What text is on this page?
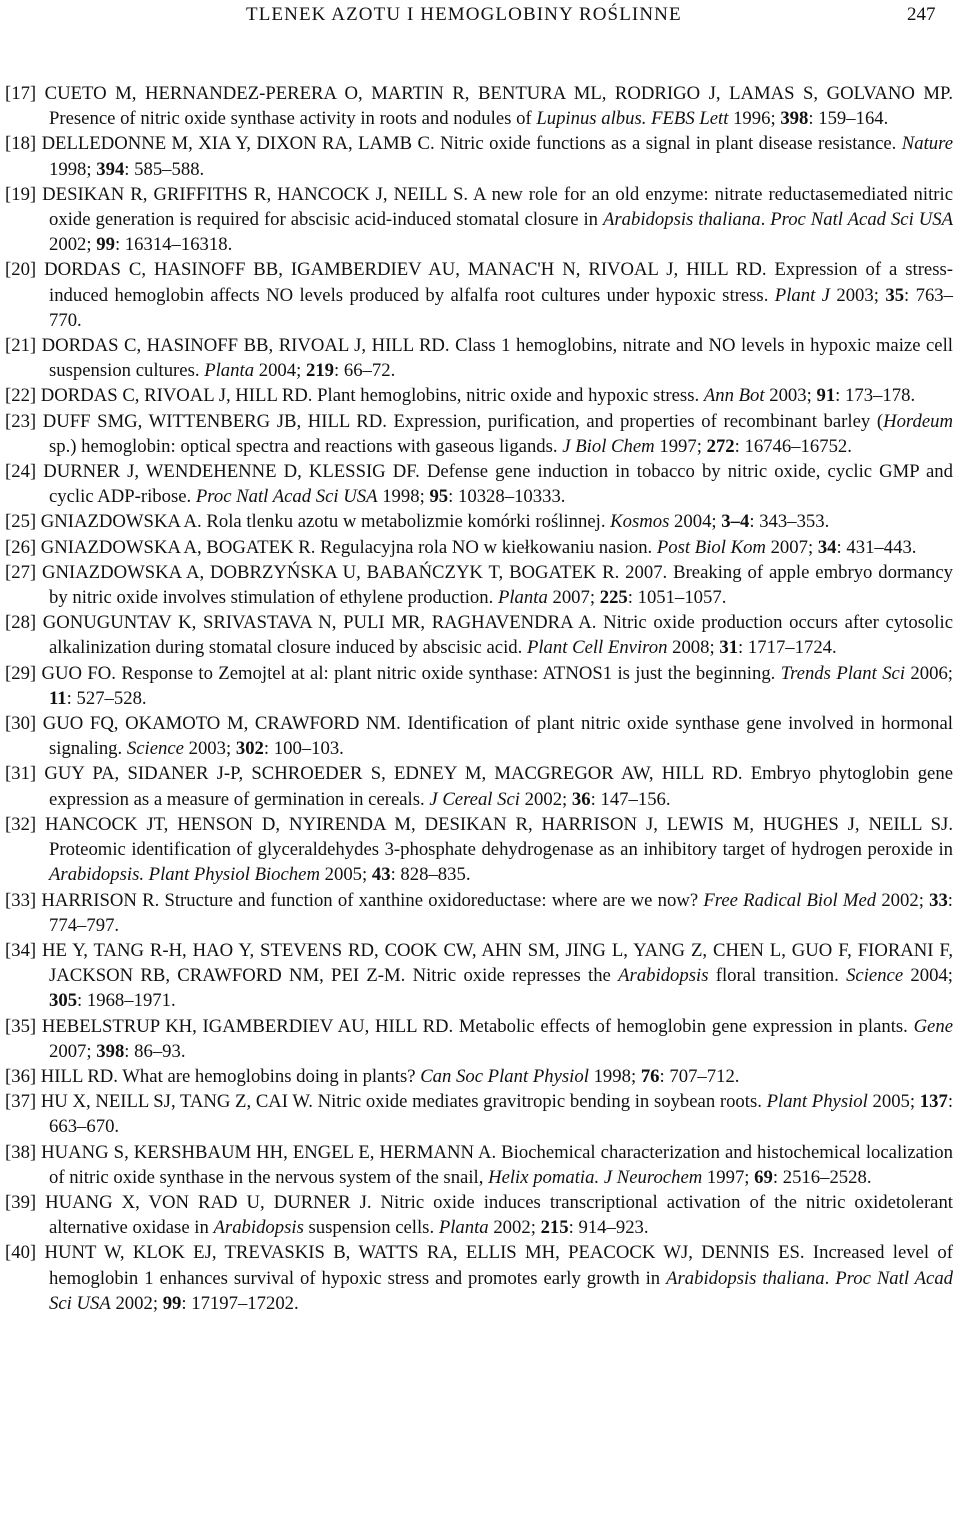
TLENEK AZOTU I HEMOGLOBINY ROŚLINNE	247
[17] CUETO M, HERNANDEZ-PERERA O, MARTIN R, BENTURA ML, RODRIGO J, LAMAS S, GOLVANO MP. Presence of nitric oxide synthase activity in roots and nodules of Lupinus albus. FEBS Lett 1996; 398: 159–164.
[18] DELLEDONNE M, XIA Y, DIXON RA, LAMB C. Nitric oxide functions as a signal in plant disease resistance. Nature 1998; 394: 585–588.
[19] DESIKAN R, GRIFFITHS R, HANCOCK J, NEILL S. A new role for an old enzyme: nitrate reductasemediated nitric oxide generation is required for abscisic acid-induced stomatal closure in Arabidopsis thaliana. Proc Natl Acad Sci USA 2002; 99: 16314–16318.
[20] DORDAS C, HASINOFF BB, IGAMBERDIEV AU, MANAC'H N, RIVOAL J, HILL RD. Expression of a stress-induced hemoglobin affects NO levels produced by alfalfa root cultures under hypoxic stress. Plant J 2003; 35: 763–770.
[21] DORDAS C, HASINOFF BB, RIVOAL J, HILL RD. Class 1 hemoglobins, nitrate and NO levels in hypoxic maize cell suspension cultures. Planta 2004; 219: 66–72.
[22] DORDAS C, RIVOAL J, HILL RD. Plant hemoglobins, nitric oxide and hypoxic stress. Ann Bot 2003; 91: 173–178.
[23] DUFF SMG, WITTENBERG JB, HILL RD. Expression, purification, and properties of recombinant barley (Hordeum sp.) hemoglobin: optical spectra and reactions with gaseous ligands. J Biol Chem 1997; 272: 16746–16752.
[24] DURNER J, WENDEHENNE D, KLESSIG DF. Defense gene induction in tobacco by nitric oxide, cyclic GMP and cyclic ADP-ribose. Proc Natl Acad Sci USA 1998; 95: 10328–10333.
[25] GNIAZDOWSKA A. Rola tlenku azotu w metabolizmie komórki roślinnej. Kosmos 2004; 3–4: 343–353.
[26] GNIAZDOWSKA A, BOGATEK R. Regulacyjna rola NO w kiełkowaniu nasion. Post Biol Kom 2007; 34: 431–443.
[27] GNIAZDOWSKA A, DOBRZYŃSKA U, BABAŃCZYK T, BOGATEK R. 2007. Breaking of apple embryo dormancy by nitric oxide involves stimulation of ethylene production. Planta 2007; 225: 1051–1057.
[28] GONUGUNTAV K, SRIVASTAVA N, PULI MR, RAGHAVENDRA A. Nitric oxide production occurs after cytosolic alkalinization during stomatal closure induced by abscisic acid. Plant Cell Environ 2008; 31: 1717–1724.
[29] GUO FO. Response to Zemojtel at al: plant nitric oxide synthase: ATNOS1 is just the beginning. Trends Plant Sci 2006; 11: 527–528.
[30] GUO FQ, OKAMOTO M, CRAWFORD NM. Identification of plant nitric oxide synthase gene involved in hormonal signaling. Science 2003; 302: 100–103.
[31] GUY PA, SIDANER J-P, SCHROEDER S, EDNEY M, MACGREGOR AW, HILL RD. Embryo phytoglobin gene expression as a measure of germination in cereals. J Cereal Sci 2002; 36: 147–156.
[32] HANCOCK JT, HENSON D, NYIRENDA M, DESIKAN R, HARRISON J, LEWIS M, HUGHES J, NEILL SJ. Proteomic identification of glyceraldehydes 3-phosphate dehydrogenase as an inhibitory target of hydrogen peroxide in Arabidopsis. Plant Physiol Biochem 2005; 43: 828–835.
[33] HARRISON R. Structure and function of xanthine oxidoreductase: where are we now? Free Radical Biol Med 2002; 33: 774–797.
[34] HE Y, TANG R-H, HAO Y, STEVENS RD, COOK CW, AHN SM, JING L, YANG Z, CHEN L, GUO F, FIORANI F, JACKSON RB, CRAWFORD NM, PEI Z-M. Nitric oxide represses the Arabidopsis floral transition. Science 2004; 305: 1968–1971.
[35] HEBELSTRUP KH, IGAMBERDIEV AU, HILL RD. Metabolic effects of hemoglobin gene expression in plants. Gene 2007; 398: 86–93.
[36] HILL RD. What are hemoglobins doing in plants? Can Soc Plant Physiol 1998; 76: 707–712.
[37] HU X, NEILL SJ, TANG Z, CAI W. Nitric oxide mediates gravitropic bending in soybean roots. Plant Physiol 2005; 137: 663–670.
[38] HUANG S, KERSHBAUM HH, ENGEL E, HERMANN A. Biochemical characterization and histochemical localization of nitric oxide synthase in the nervous system of the snail, Helix pomatia. J Neurochem 1997; 69: 2516–2528.
[39] HUANG X, VON RAD U, DURNER J. Nitric oxide induces transcriptional activation of the nitric oxidetolerant alternative oxidase in Arabidopsis suspension cells. Planta 2002; 215: 914–923.
[40] HUNT W, KLOK EJ, TREVASKIS B, WATTS RA, ELLIS MH, PEACOCK WJ, DENNIS ES. Increased level of hemoglobin 1 enhances survival of hypoxic stress and promotes early growth in Arabidopsis thaliana. Proc Natl Acad Sci USA 2002; 99: 17197–17202.
